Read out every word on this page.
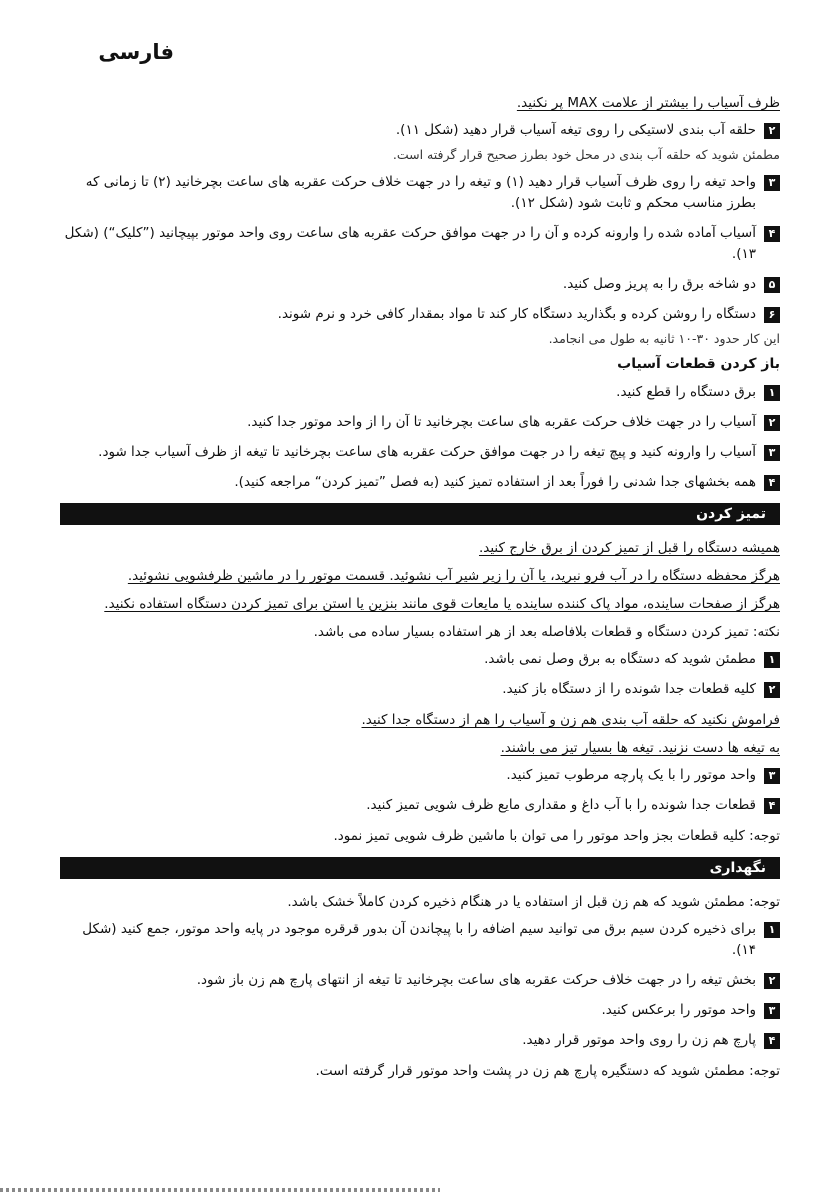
فارسی

ظرف آسیاب را بیشتر از علامت MAX پر نکنید.

۲
حلقه آب بندی لاستیکی را روی تیغه آسیاب قرار دهید (شکل ۱۱).

مطمئن شوید که حلقه آب بندی در محل خود بطرز صحیح قرار گرفته است.

۳
واحد تیغه را روی ظرف آسیاب قرار دهید (۱) و تیغه را در جهت خلاف حرکت عقربه های ساعت بچرخانید (۲) تا زمانی که بطرز مناسب محکم و ثابت شود (شکل ۱۲).
۴
آسیاب آماده شده را وارونه کرده و آن را در جهت موافق حرکت عقربه های ساعت روی واحد موتور بپیچانید (”کلیک“) (شکل ۱۳).
۵
دو شاخه برق را به پریز وصل کنید.
۶
دستگاه را روشن کرده و بگذارید دستگاه کار کند تا مواد بمقدار کافی خرد و نرم شوند.

این کار حدود ۳۰-۱۰ ثانیه به طول می انجامد.

باز کردن قطعات آسیاب
۱
برق دستگاه را قطع کنید.
۲
آسیاب را در جهت خلاف حرکت عقربه های ساعت بچرخانید تا آن را از واحد موتور جدا کنید.
۳
آسیاب را وارونه کنید و پیچ تیغه را در جهت موافق حرکت عقربه های ساعت بچرخانید تا تیغه از ظرف آسیاب جدا شود.
۴
همه بخشهای جدا شدنی را فوراً بعد از استفاده تمیز کنید (به فصل ”تمیز کردن“ مراجعه کنید).
تمیز کردن

همیشه دستگاه را قبل از تمیز کردن از برق خارج کنید.

هرگز محفظه دستگاه را در آب فرو نبرید، یا آن را زیر شیر آب نشوئید. قسمت موتور را در ماشین ظرفشویی نشوئید.

هرگز از صفحات ساینده، مواد پاک کننده ساینده یا مایعات قوی مانند بنزین یا استن برای تمیز کردن دستگاه استفاده نکنید.

نکته: تمیز کردن دستگاه و قطعات بلافاصله بعد از هر استفاده بسیار ساده می باشد.

۱
مطمئن شوید که دستگاه به برق وصل نمی باشد.
۲
کلیه قطعات جدا شونده را از دستگاه باز کنید.

فراموش نکنید که حلقه آب بندی هم زن و آسیاب را هم از دستگاه جدا کنید.

به تیغه ها دست نزنید. تیغه ها بسیار تیز می باشند.

۳
واحد موتور را با یک پارچه مرطوب تمیز کنید.
۴
قطعات جدا شونده را با آب داغ و مقداری مایع ظرف شویی تمیز کنید.

توجه: کلیه قطعات بجز واحد موتور را می توان با ماشین ظرف شویی تمیز نمود.

نگهداری

توجه: مطمئن شوید که هم زن قبل از استفاده یا در هنگام ذخیره کردن کاملاً خشک باشد.

۱
برای ذخیره کردن سیم برق می توانید سیم اضافه را با پیچاندن آن بدور قرقره موجود در پایه واحد موتور، جمع کنید (شکل ۱۴).
۲
بخش تیغه را در جهت خلاف حرکت عقربه های ساعت بچرخانید تا تیغه از انتهای پارچ هم زن باز شود.
۳
واحد موتور را برعکس کنید.
۴
پارچ هم زن را روی واحد موتور قرار دهید.

توجه: مطمئن شوید که دستگیره پارچ هم زن در پشت واحد موتور قرار گرفته است.
